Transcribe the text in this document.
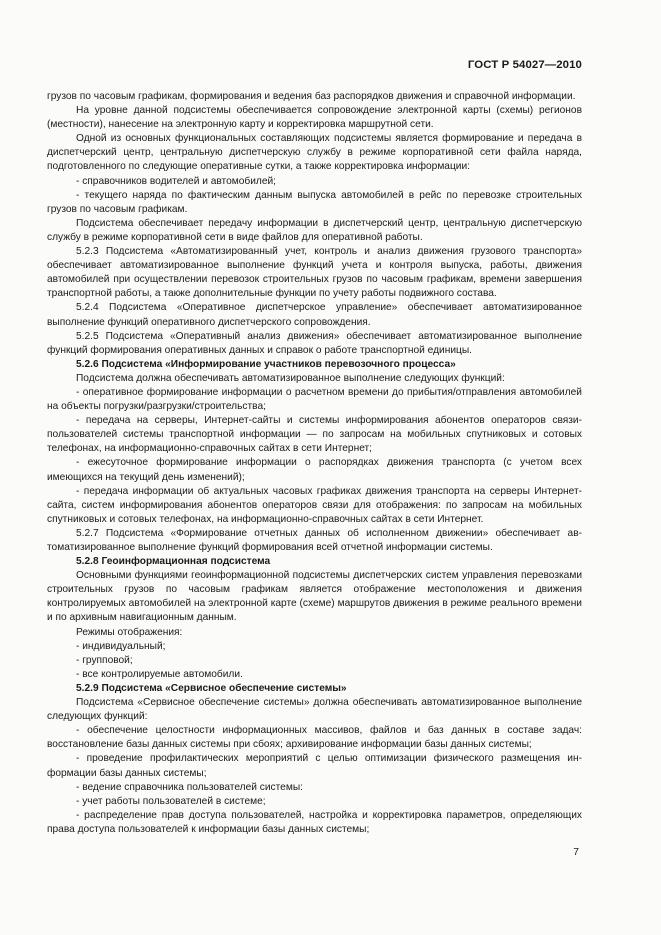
ГОСТ Р 54027—2010

грузов по часовым графикам, формирования и ведения баз распорядков движения и справочной информации.

На уровне данной подсистемы обеспечивается сопровождение электронной карты (схемы) регионов (местности), нанесение на электронную карту и корректировка маршрутной сети.

Одной из основных функциональных составляющих подсистемы является формирование и передача в диспетчерский центр, центральную диспетчерскую службу в режиме корпоративной сети файла наряда, подготовленного по следующие оперативные сутки, а также корректировка информации:

- справочников водителей и автомобилей;

- текущего наряда по фактическим данным выпуска автомобилей в рейс по перевозке строительных грузов по часовым графикам.

Подсистема обеспечивает передачу информации в диспетчерский центр, центральную диспетчерскую службу в режиме корпоративной сети в виде файлов для оперативной работы.

5.2.3 Подсистема «Автоматизированный учет, контроль и анализ движения грузового транспорта» обеспечивает автоматизированное выполнение функций учета и контроля выпуска, работы, движения автомобилей при осуществлении перевозок строительных грузов по часовым графикам, времени завершения транспортной работы, а также дополнительные функции по учету работы подвижного состава.

5.2.4 Подсистема «Оперативное диспетчерское управление» обеспечивает автоматизированное выполнение функций оперативного диспетчерского сопровождения.

5.2.5 Подсистема «Оперативный анализ движения» обеспечивает автоматизированное выполнение функций формирования оперативных данных и справок о работе транспортной единицы.

5.2.6 Подсистема «Информирование участников перевозочного процесса»

Подсистема должна обеспечивать автоматизированное выполнение следующих функций:

- оперативное формирование информации о расчетном времени до прибытия/отправления автомобилей на объекты погрузки/разгрузки/строительства;

- передача на серверы, Интернет-сайты и системы информирования абонентов операторов связи-пользователей системы транспортной информации — по запросам на мобильных спутниковых и сотовых телефонах, на информационно-справочных сайтах в сети Интернет;

- ежесуточное формирование информации о распорядках движения транспорта (с учетом всех имеющихся на текущий день изменений);

- передача информации об актуальных часовых графиках движения транспорта на серверы Интернет-сайта, систем информирования абонентов операторов связи для отображения: по запросам на мобильных спутниковых и сотовых телефонах, на информационно-справочных сайтах в сети Интернет.

5.2.7 Подсистема «Формирование отчетных данных об исполненном движении» обеспечивает автоматизированное выполнение функций формирования всей отчетной информации системы.

5.2.8 Геоинформационная подсистема

Основными функциями геоинформационной подсистемы диспетчерских систем управления перевозками строительных грузов по часовым графикам является отображение местоположения и движения контролируемых автомобилей на электронной карте (схеме) маршрутов движения в режиме реального времени и по архивным навигационным данным.

Режимы отображения:

- индивидуальный;

- групповой;

- все контролируемые автомобили.

5.2.9 Подсистема «Сервисное обеспечение системы»

Подсистема «Сервисное обеспечение системы» должна обеспечивать автоматизированное выполнение следующих функций:

- обеспечение целостности информационных массивов, файлов и баз данных в составе задач: восстановление базы данных системы при сбоях; архивирование информации базы данных системы;

- проведение профилактических мероприятий с целью оптимизации физического размещения информации базы данных системы;

- ведение справочника пользователей системы:

- учет работы пользователей в системе;

- распределение прав доступа пользователей, настройка и корректировка параметров, определяющих права доступа пользователей к информации базы данных системы;

7
